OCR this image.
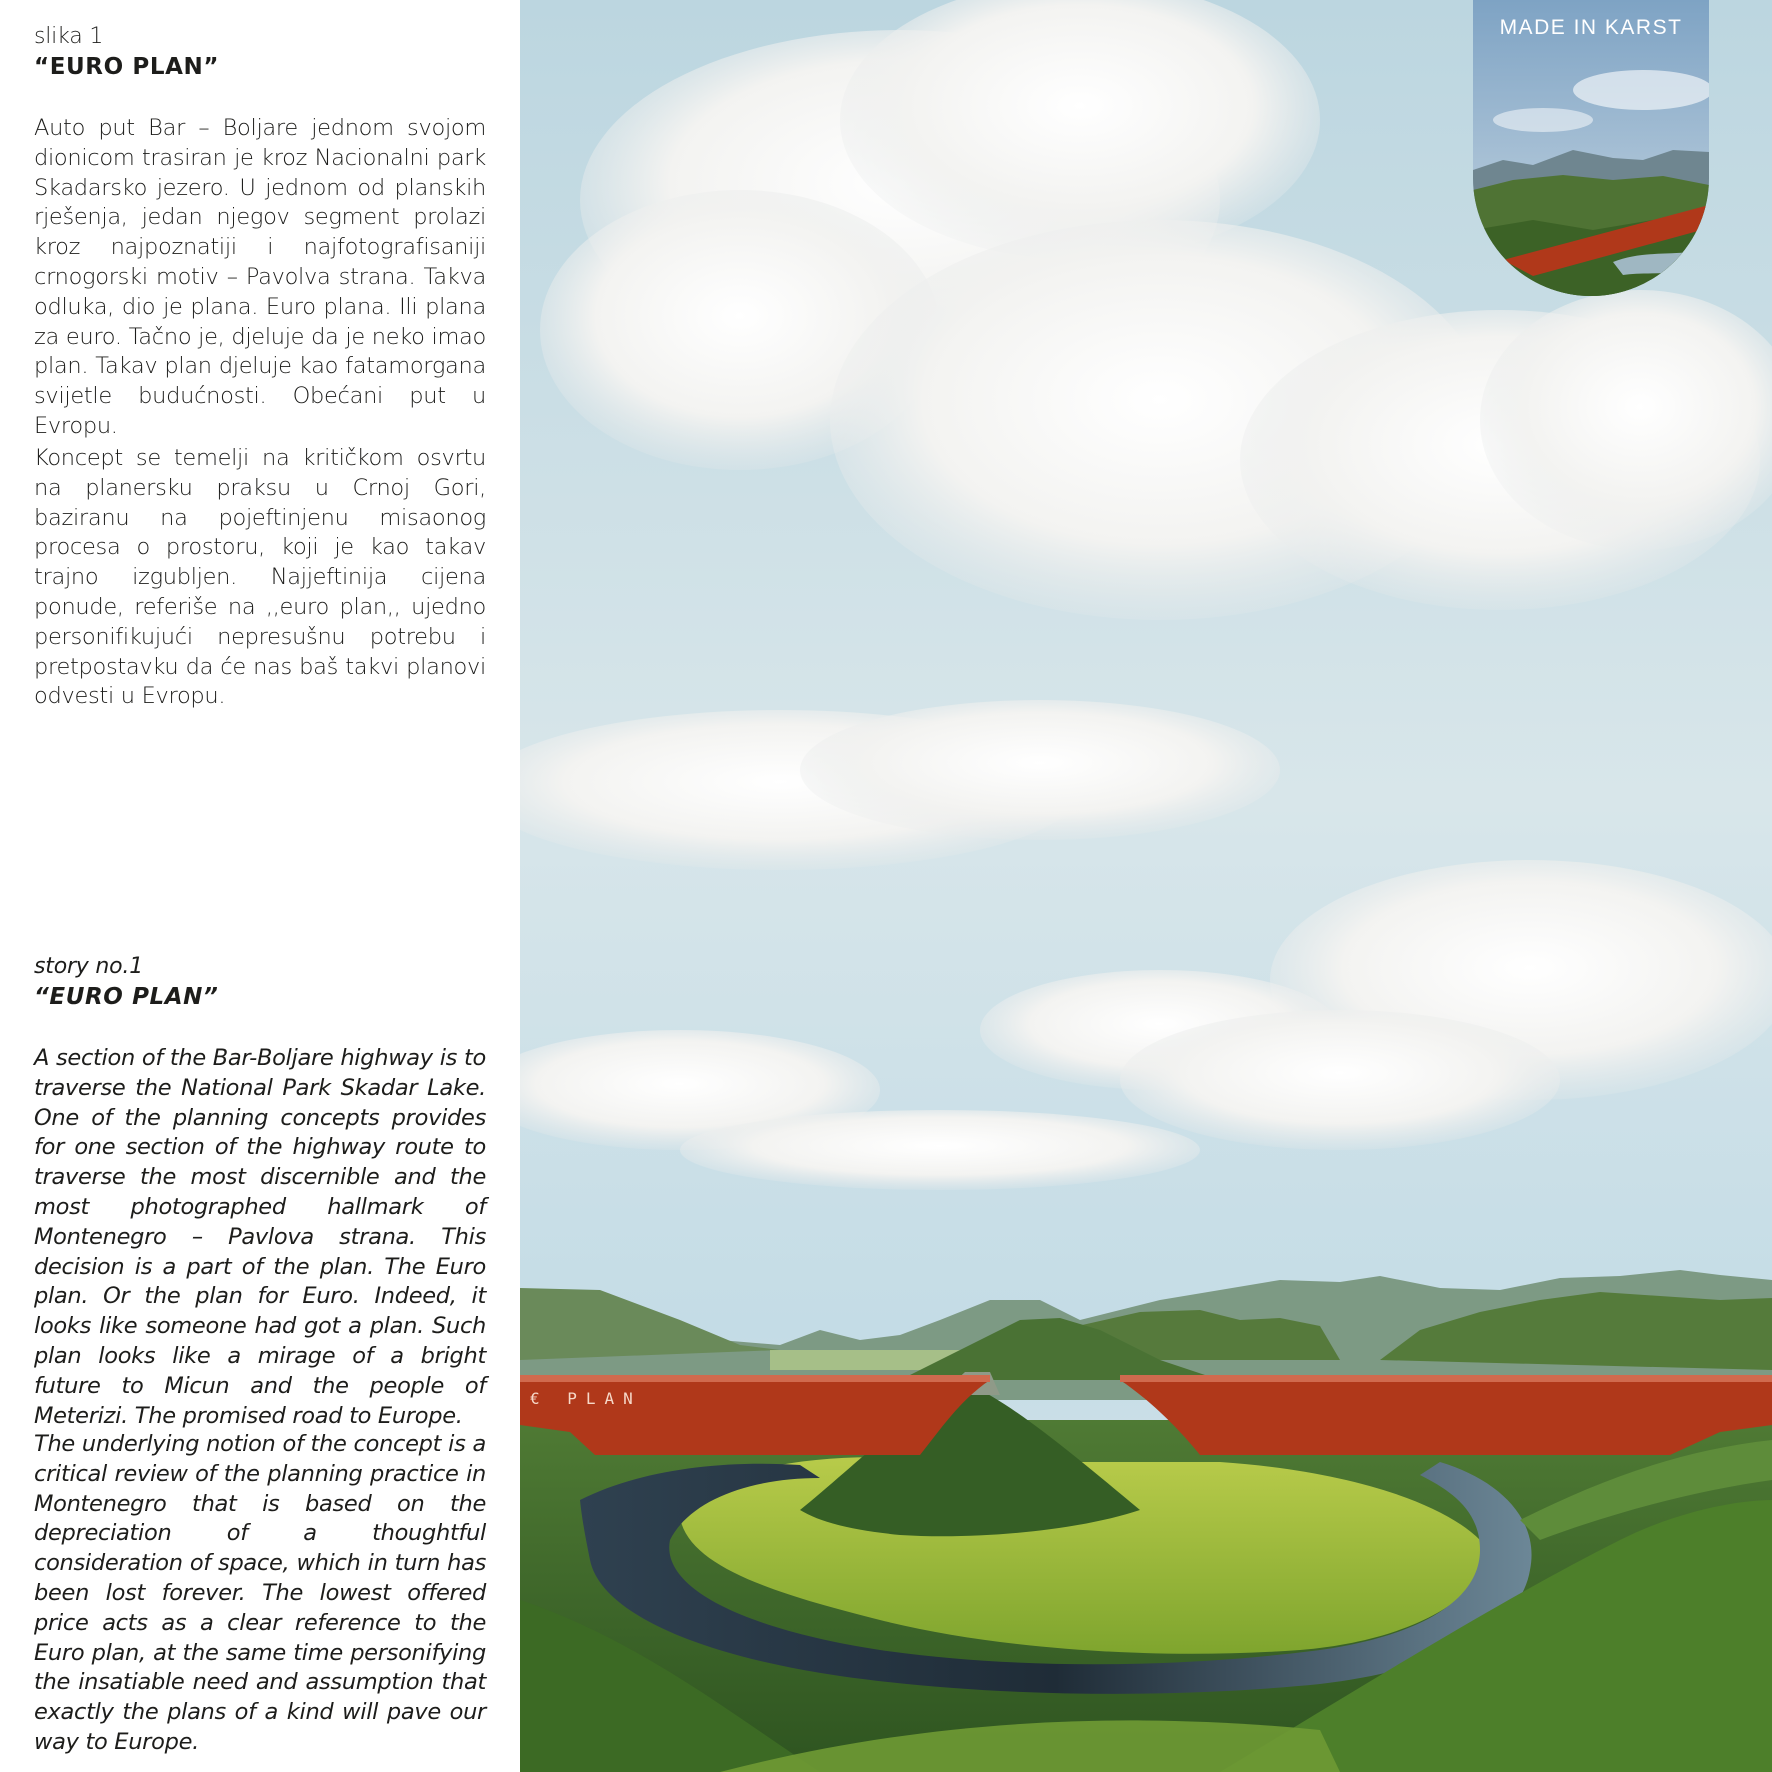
slika 1
“EURO PLAN”

Auto put Bar – Boljare jednom svojom dionicom trasiran je kroz Nacionalni park Skadarsko jezero. U jednom od planskih rješenja, jedan njegov segment prolazi kroz najpoznatiji i najfotografisaniji crnogorski motiv – Pavolva strana. Takva odluka, dio je plana. Euro plana. Ili plana za euro. Tačno je, djeluje da je neko imao plan. Takav plan djeluje kao fatamorgana svijetle budućnosti. Obećani put u Evropu.

Koncept se temelji na kritičkom osvrtu na planersku praksu u Crnoj Gori, baziranu na pojeftinjenu misaonog procesa o prostoru, koji je kao takav trajno izgubljen. Najjeftinija cijena ponude, referiše na ,,euro plan,, ujedno personifikujući nepresušnu potrebu i pretpostavku da će nas baš takvi planovi odvesti u Evropu.

story no.1
“EURO PLAN”

A section of the Bar-Boljare highway is to traverse the National Park Skadar Lake. One of the planning concepts provides for one section of the highway route to traverse the most discernible and the most photographed hallmark of Montenegro – Pavlova strana. This decision is a part of the plan. The Euro plan. Or the plan for Euro. Indeed, it looks like someone had got a plan. Such plan looks like a mirage of a bright future to Micun and the people of Meterizi. The promised road to Europe.

The underlying notion of the concept is a critical review of the planning practice in Montenegro that is based on the depreciation of a thoughtful consideration of space, which in turn has been lost forever. The lowest offered price acts as a clear reference to the Euro plan, at the same time personifying the insatiable need and assumption that exactly the plans of a kind will pave our way to Europe.

€ PLAN
MADE IN KARST
